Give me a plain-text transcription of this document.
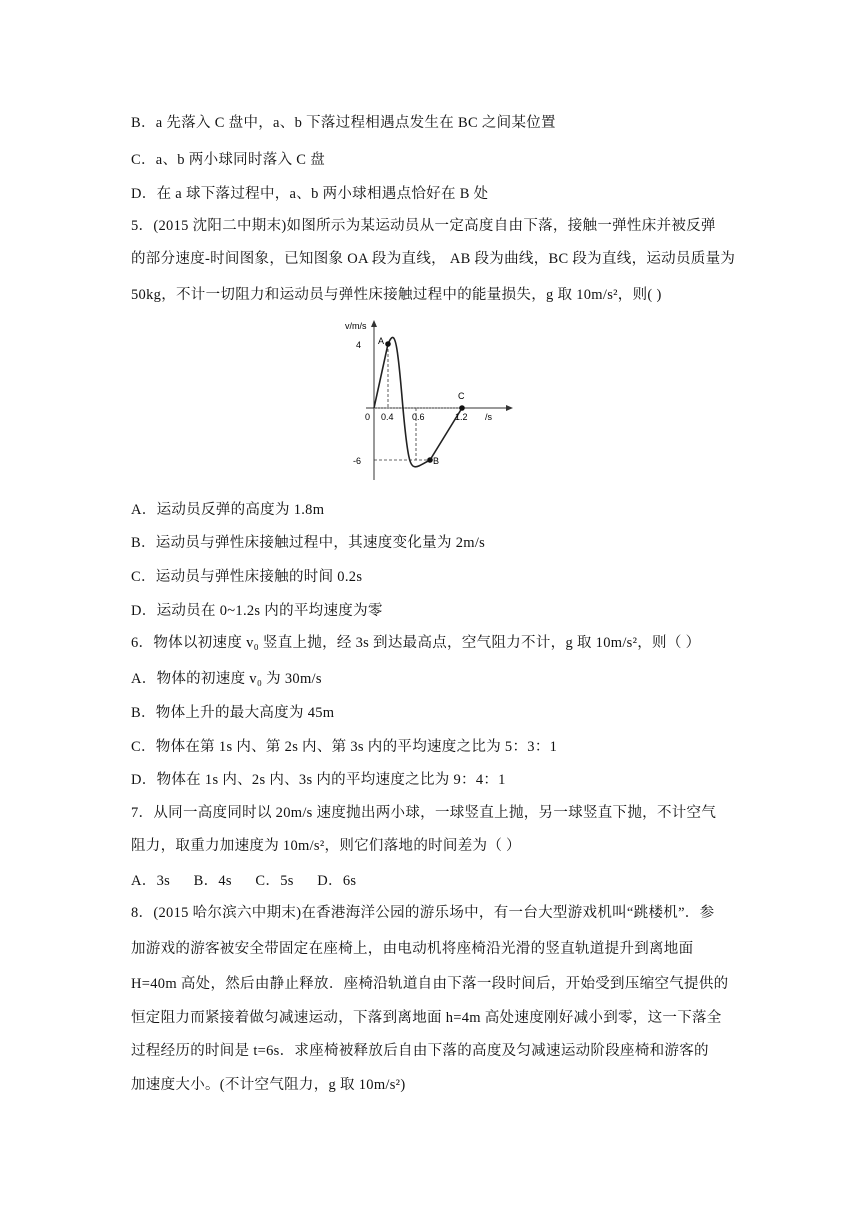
B．a 先落入 C 盘中，a、b 下落过程相遇点发生在 BC 之间某位置
C．a、b 两小球同时落入 C 盘
D．在 a 球下落过程中，a、b 两小球相遇点恰好在 B 处
5．(2015 沈阳二中期末)如图所示为某运动员从一定高度自由下落，接触一弹性床并被反弹
的部分速度-时间图象，已知图象 OA 段为直线， AB 段为曲线，BC 段为直线，运动员质量为
50kg，不计一切阻力和运动员与弹性床接触过程中的能量损失，g 取 10m/s²，则( )
v/m/s
4
-6
0 0.4 0.6	1.2 /s
A
B
C
A．运动员反弹的高度为 1.8m
B．运动员与弹性床接触过程中，其速度变化量为 2m/s
C．运动员与弹性床接触的时间 0.2s
D．运动员在 0~1.2s 内的平均速度为零
6．物体以初速度 v₀ 竖直上抛，经 3s 到达最高点，空气阻力不计，g 取 10m/s²，则（ ）
A．物体的初速度 v₀ 为 30m/s
B．物体上升的最大高度为 45m
C．物体在第 1s 内、第 2s 内、第 3s 内的平均速度之比为 5：3：1
D．物体在 1s 内、2s 内、3s 内的平均速度之比为 9：4：1
7．从同一高度同时以 20m/s 速度抛出两小球，一球竖直上抛，另一球竖直下抛，不计空气
阻力，取重力加速度为 10m/s²，则它们落地的时间差为（ ）
A．3s      B．4s      C．5s      D．6s
8．(2015 哈尔滨六中期末)在香港海洋公园的游乐场中，有一台大型游戏机叫“跳楼机”．参
加游戏的游客被安全带固定在座椅上，由电动机将座椅沿光滑的竖直轨道提升到离地面
H=40m 高处，然后由静止释放．座椅沿轨道自由下落一段时间后，开始受到压缩空气提供的
恒定阻力而紧接着做匀减速运动，下落到离地面 h=4m 高处速度刚好减小到零，这一下落全
过程经历的时间是 t=6s．求座椅被释放后自由下落的高度及匀减速运动阶段座椅和游客的
加速度大小。(不计空气阻力，g 取 10m/s²)
